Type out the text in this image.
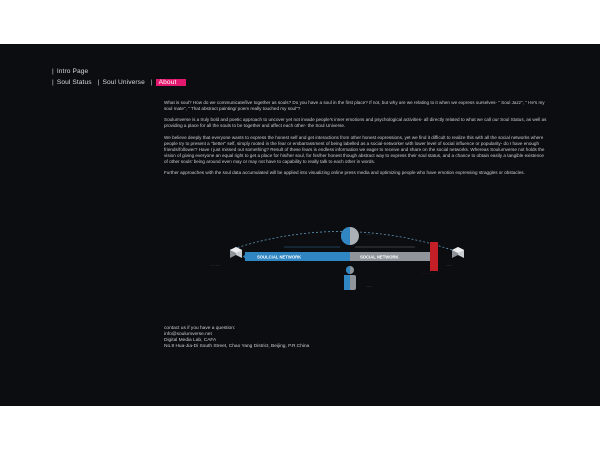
| Intro Page
| Soul Status | Soul Universe | About

What is soul? How do we communicate/live together as souls? Do you have a soul in the first place? If not, but why are we relating to it when we express ourselves- " Soul Jazz", " He's my soul mate", " That abstract painting/ poem really touched my soul"?

Soulumverse is a truly bold and poetic approach to uncover yet not invade people's inner emotions and psychological activities- all directly related to what we call our Soul Status, as well as providing a place for all the souls to be together and affect each other- the Soul Universe.

We believe deeply that everyone wants to express the honest self and get interactions from other honest expressions, yet we find it difficult to realize this with all the social networks where people try to present a "better" self, simply rooted in the fear or embarrassment of being labelled as a social-networker with lower level of social influence or popularity- do I have enough friends/follower? Have I just missed out something? Result of these fears is endless information we eager to receive and share on the social networks. Whereas Soulumverse not holds the vision of giving everyone an equal right to get a place for his/her soul, for his/her honest though abstract way to express their soul status, and a chance to obtain easily a tangible existence of other souls' being around even may or may not have to capability to really talk to each other in words.

Further approaches with the soul data accumulated will be applied into visualizing online press media and optimizing people who have emotion expressing straggles or obstacles.

.. ... .....
SOULCIAL NETWORK	SOCIAL NETWORK
.......
.......
........ ........
.......
contact us if you have a question:
info@soulumverse.net
Digital Media Lab, CAFA
No.8 Hua-Jia-Di South Street, Chao Yang District, Beijing, P.R.China
